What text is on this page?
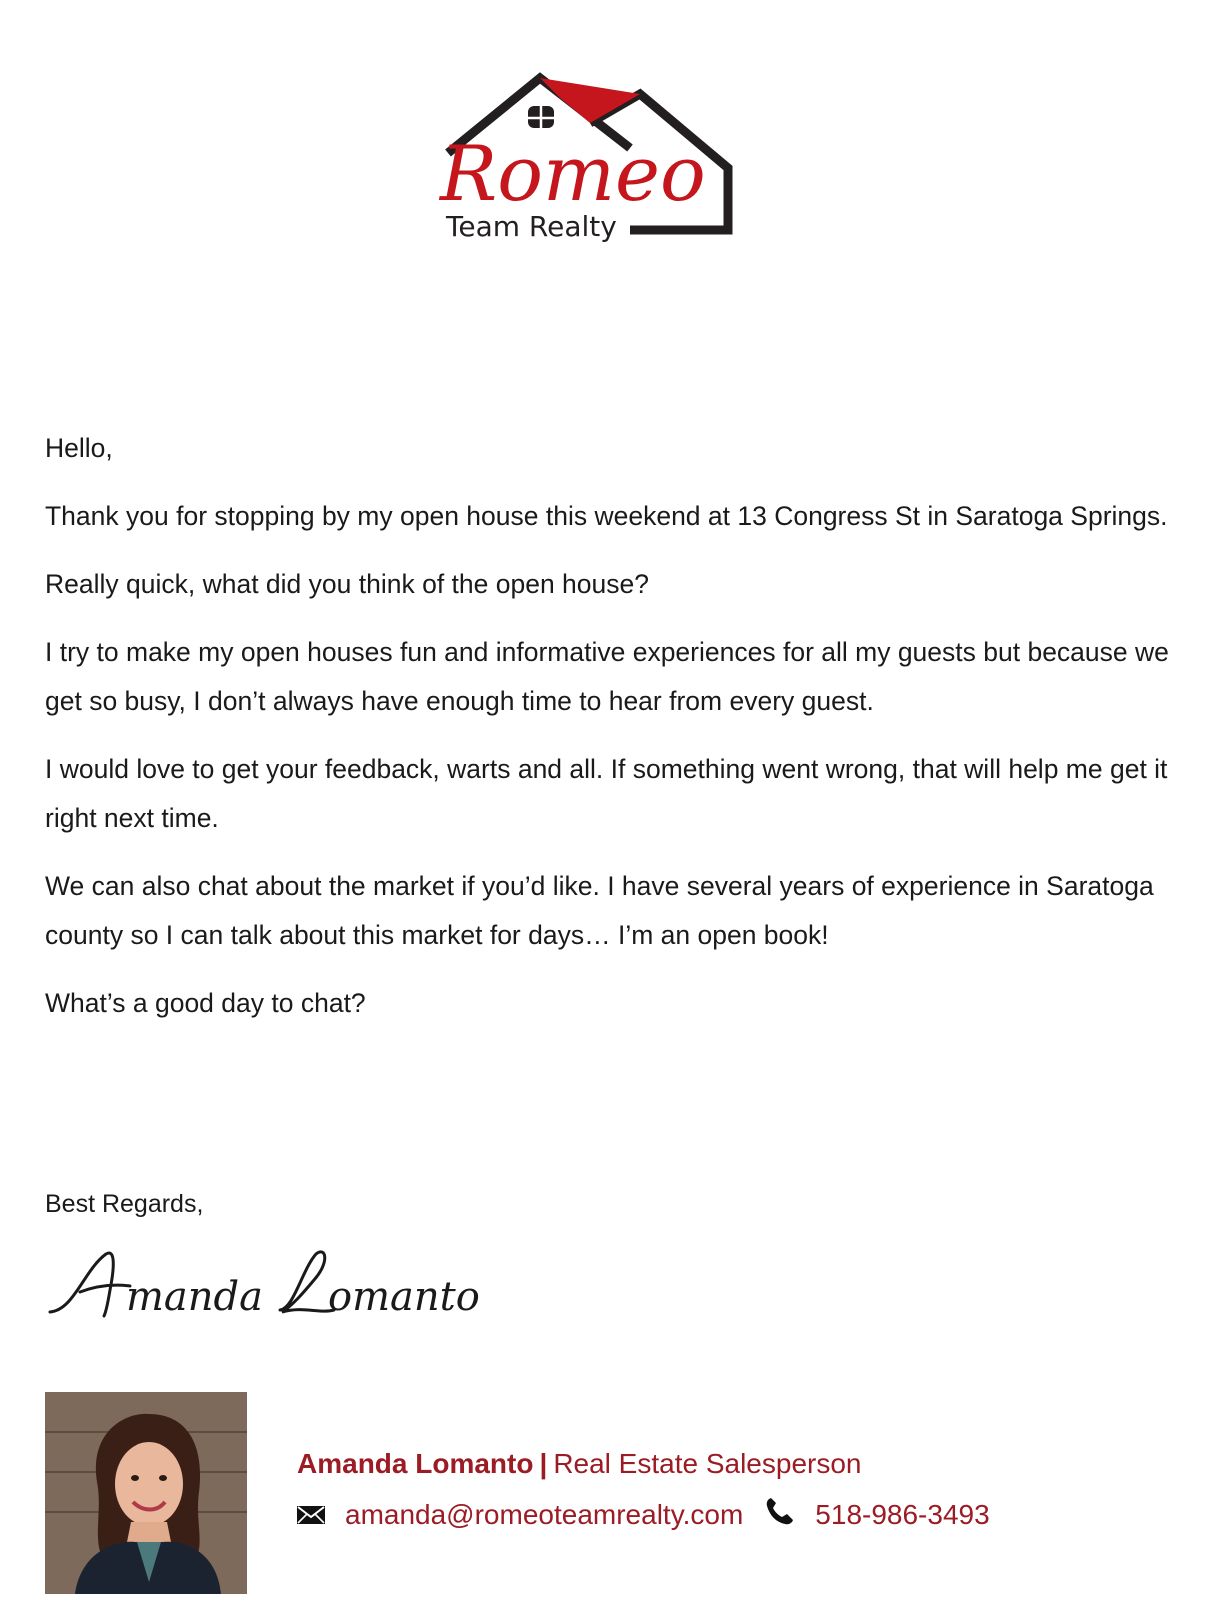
Romeo
Team Realty

Hello,

Thank you for stopping by my open house this weekend at 13 Congress St in Saratoga Springs.

Really quick, what did you think of the open house?

I try to make my open houses fun and informative experiences for all my guests but because we get so busy, I don’t always have enough time to hear from every guest.

I would love to get your feedback, warts and all. If something went wrong, that will help me get it right next time.

We can also chat about the market if you’d like. I have several years of experience in Saratoga county so I can talk about this market for days… I’m an open book!

What’s a good day to chat?

Best Regards,
manda omanto
Amanda Lomanto | Real Estate Salesperson
amanda@romeoteamrealty.com	518-986-3493
